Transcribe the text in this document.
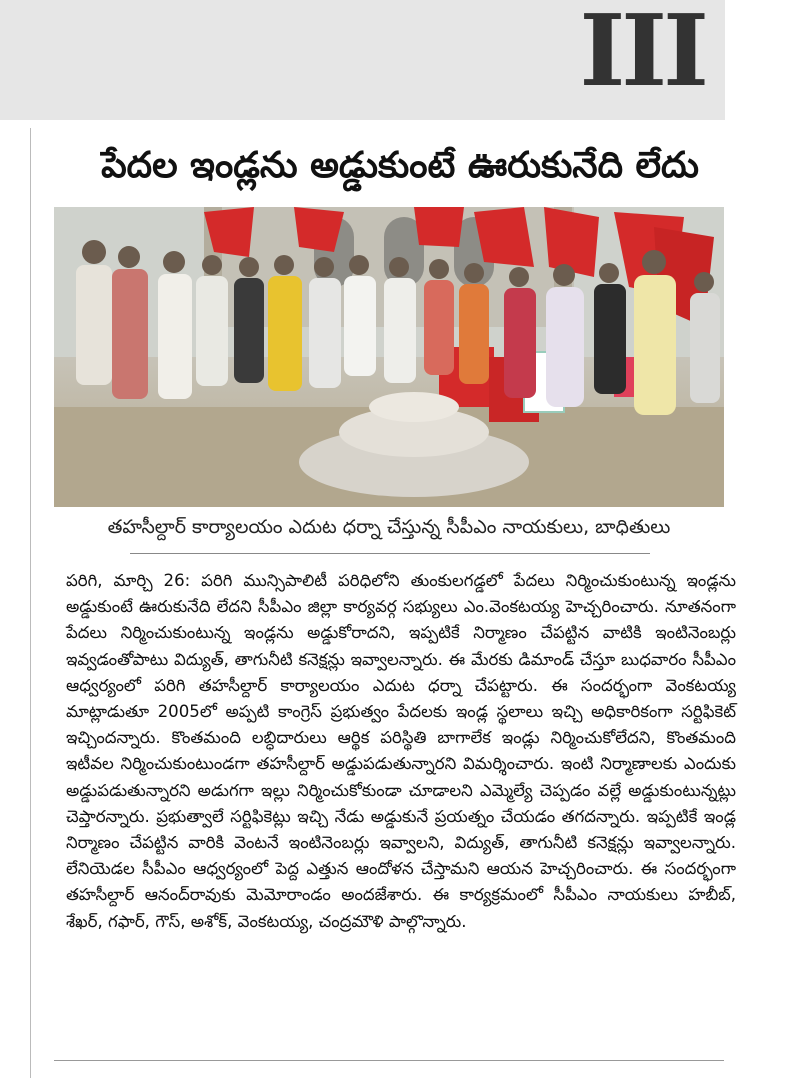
III
పేదల ఇండ్లను అడ్డుకుంటే ఊరుకునేది లేదు
తహసీల్దార్ కార్యాలయం ఎదుట ధర్నా చేస్తున్న సీపీఎం నాయకులు, బాధితులు

పరిగి, మార్చి 26: పరిగి మున్సిపాలిటీ పరిధిలోని తుంకులగడ్డలో పేదలు నిర్మించుకుంటున్న ఇండ్లను అడ్డుకుంటే ఊరుకునేది లేదని సీపీఎం జిల్లా కార్యవర్గ సభ్యులు ఎం.వెంకటయ్య హెచ్చరించారు. నూతనంగా పేదలు నిర్మించుకుంటున్న ఇండ్లను అడ్డుకోరాదని, ఇప్పటికే నిర్మాణం చేపట్టిన వాటికి ఇంటినెంబర్లు ఇవ్వడంతోపాటు విద్యుత్, తాగునీటి కనెక్షన్లు ఇవ్వాలన్నారు. ఈ మేరకు డిమాండ్ చేస్తూ బుధవారం సీపీఎం ఆధ్వర్యంలో పరిగి తహసీల్దార్ కార్యాలయం ఎదుట ధర్నా చేపట్టారు. ఈ సందర్భంగా వెంకటయ్య మాట్లాడుతూ 2005లో అప్పటి కాంగ్రెస్ ప్రభుత్వం పేదలకు ఇండ్ల స్థలాలు ఇచ్చి అధికారికంగా సర్టిఫికెట్ ఇచ్చిందన్నారు. కొంతమంది లబ్ధిదారులు ఆర్థిక పరిస్థితి బాగాలేక ఇండ్లు నిర్మించుకోలేదని, కొంతమంది ఇటీవల నిర్మించుకుంటుండగా తహసీల్దార్ అడ్డుపడుతున్నారని విమర్శించారు. ఇంటి నిర్మాణాలకు ఎందుకు అడ్డుపడుతున్నారని అడుగగా ఇల్లు నిర్మించుకోకుండా చూడాలని ఎమ్మెల్యే చెప్పడం వల్లే అడ్డుకుంటున్నట్లు చెప్తారన్నారు. ప్రభుత్వాలే సర్టిఫికెట్లు ఇచ్చి నేడు అడ్డుకునే ప్రయత్నం చేయడం తగదన్నారు. ఇప్పటికే ఇండ్ల నిర్మాణం చేపట్టిన వారికి వెంటనే ఇంటినెంబర్లు ఇవ్వాలని, విద్యుత్, తాగునీటి కనెక్షన్లు ఇవ్వాలన్నారు. లేనియెడల సీపీఎం ఆధ్వర్యంలో పెద్ద ఎత్తున ఆందోళన చేస్తామని ఆయన హెచ్చరించారు. ఈ సందర్భంగా తహసీల్దార్ ఆనంద్‌రావుకు మెమోరాండం అందజేశారు. ఈ కార్యక్రమంలో సీపీఎం నాయకులు హబీబ్, శేఖర్, గఫార్, గౌస్, అశోక్, వెంకటయ్య, చంద్రమౌళి పాల్గొన్నారు.
